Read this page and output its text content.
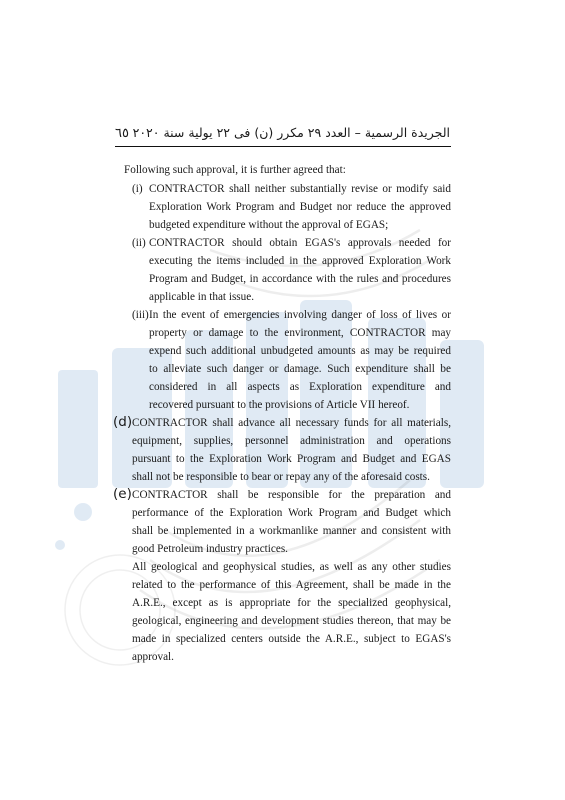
٦٥ الجريدة الرسمية – العدد ٢٩ مكرر (ن) فى ٢٢ يولية سنة ٢٠٢٠
Following such approval, it is further agreed that:
(i) CONTRACTOR shall neither substantially revise or modify said
Exploration Work Program and Budget nor reduce the approved
budgeted expenditure without the approval of EGAS;
(ii) CONTRACTOR should obtain EGAS's approvals needed for
executing the items included in the approved Exploration Work
Program and Budget, in accordance with the rules and procedures
applicable in that issue.
(iii) In the event of emergencies involving danger of loss of lives or
property or damage to the environment, CONTRACTOR may
expend such additional unbudgeted amounts as may be required
to alleviate such danger or damage. Such expenditure shall be
considered in all aspects as Exploration expenditure and
recovered pursuant to the provisions of Article VII hereof.
(d) CONTRACTOR shall advance all necessary funds for all materials,
equipment, supplies, personnel administration and operations
pursuant to the Exploration Work Program and Budget and EGAS
shall not be responsible to bear or repay any of the aforesaid costs.
(e) CONTRACTOR shall be responsible for the preparation and
performance of the Exploration Work Program and Budget which
shall be implemented in a workmanlike manner and consistent with
good Petroleum industry practices.
All geological and geophysical studies, as well as any other studies
related to the performance of this Agreement, shall be made in the
A.R.E., except as is appropriate for the specialized geophysical,
geological, engineering and development studies thereon, that may be
made in specialized centers outside the A.R.E., subject to EGAS's
approval.
